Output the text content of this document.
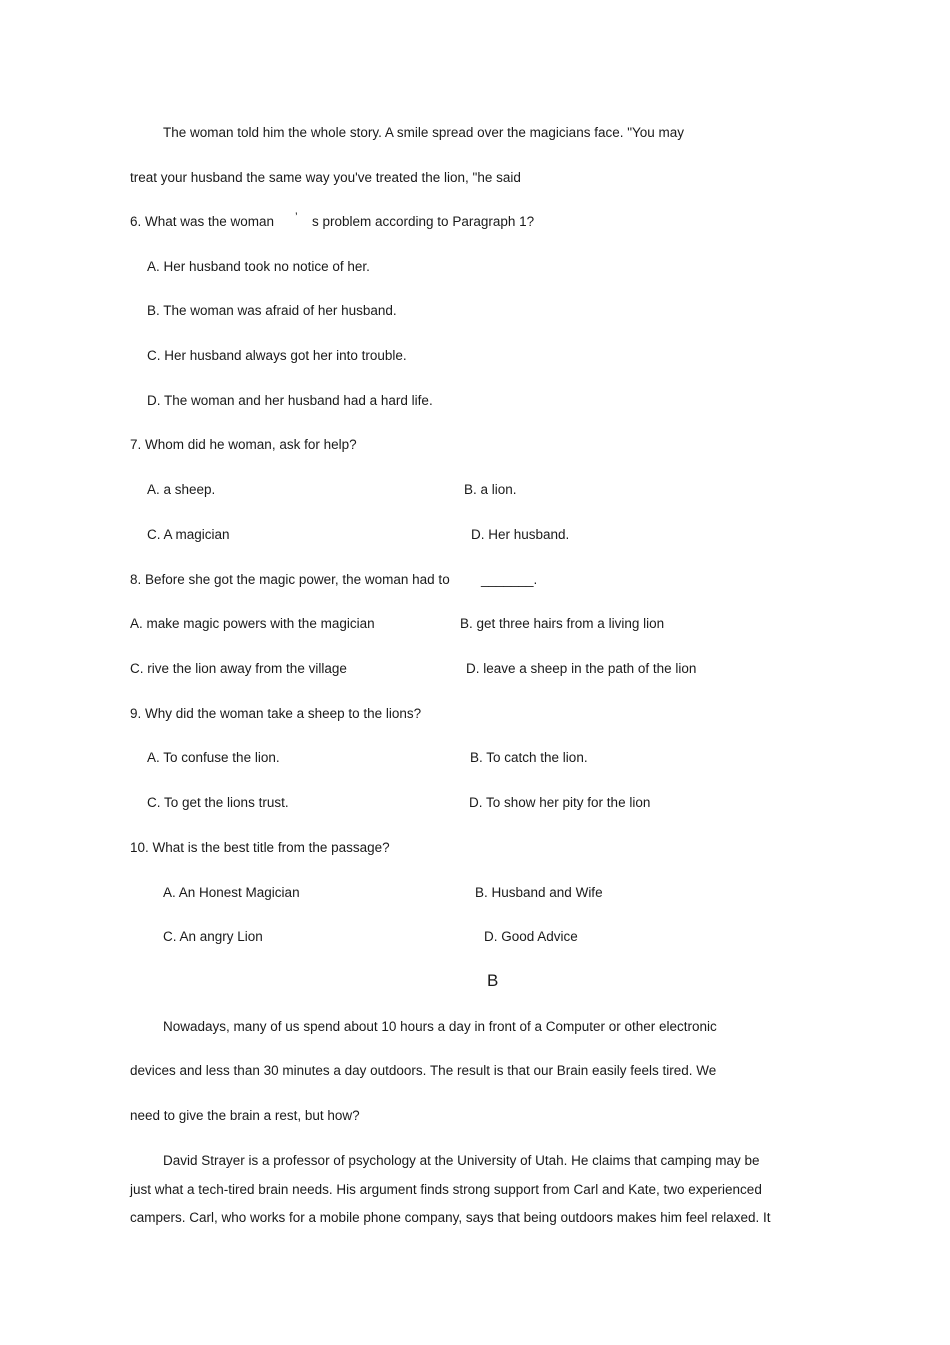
The woman told him the whole story. A smile spread over the magicians face. "You may
treat your husband the same way you've treated the lion, "he said
6. What was the woman ’ s problem according to Paragraph 1?
A. Her husband took no notice of her.
B. The woman was afraid of her husband.
C. Her husband always got her into trouble.
D. The woman and her husband had a hard life.
7. Whom did he woman, ask for help?
A. a sheep.	B. a lion.
C. A magician	D. Her husband.
8. Before she got the magic power, the woman had to _______.
A. make magic powers with the magician	B. get three hairs from a living lion
C. rive the lion away from the village	D. leave a sheep in the path of the lion
9. Why did the woman take a sheep to the lions?
A. To confuse the lion.	B. To catch the lion.
C. To get the lions trust.	D. To show her pity for the lion
10. What is the best title from the passage?
A. An Honest Magician	B. Husband and Wife
C. An angry Lion	D. Good Advice
B
Nowadays, many of us spend about 10 hours a day in front of a Computer or other electronic
devices and less than 30 minutes a day outdoors. The result is that our Brain easily feels tired. We
need to give the brain a rest, but how?
David Strayer is a professor of psychology at the University of Utah. He claims that camping may be
just what a tech-tired brain needs. His argument finds strong support from Carl and Kate, two experienced
campers. Carl, who works for a mobile phone company, says that being outdoors makes him feel relaxed. It
